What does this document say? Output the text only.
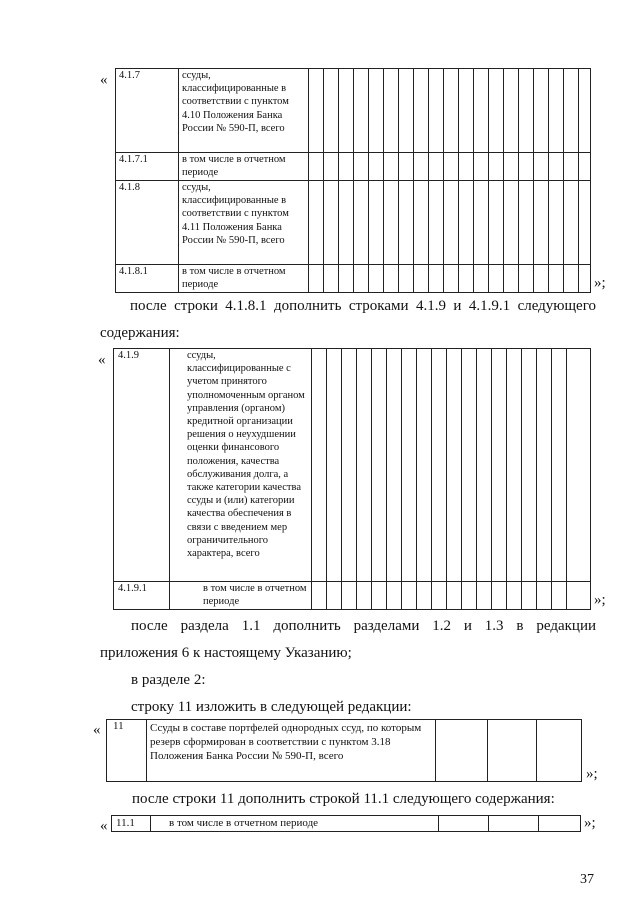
« 4.1.7	ссуды, классифицированные в соответствии с пунктом 4.10 Положения Банка России № 590-П, всего																			
4.1.7.1	в том числе в отчетном периоде																			
4.1.8	ссуды, классифицированные в соответствии с пунктом 4.11 Положения Банка России № 590-П, всего																			
4.1.8.1	в том числе в отчетном периоде																				»;
после строки 4.1.8.1 дополнить строками 4.1.9 и 4.1.9.1 следующего
содержания:
« 4.1.9	ссуды, классифицированные с учетом принятого уполномоченным органом управления (органом) кредитной организации решения о неухудшении оценки финансового положения, качества обслуживания долга, а также категории качества ссуды и (или) категории качества обеспечения в связи с введением мер ограничительного характера, всего																		
4.1.9.1	в том числе в отчетном периоде																			»;
после раздела 1.1 дополнить разделами 1.2 и 1.3 в редакции
приложения 6 к настоящему Указанию;
в разделе 2:
строку 11 изложить в следующей редакции:
« 11	Ссуды в составе портфелей однородных ссуд, по которым резерв сформирован в соответствии с пунктом 3.18 Положения Банка России № 590-П, всего			
»;
после строки 11 дополнить строкой 11.1 следующего содержания:
« 11.1	в том числе в отчетном периоде				»;
37
